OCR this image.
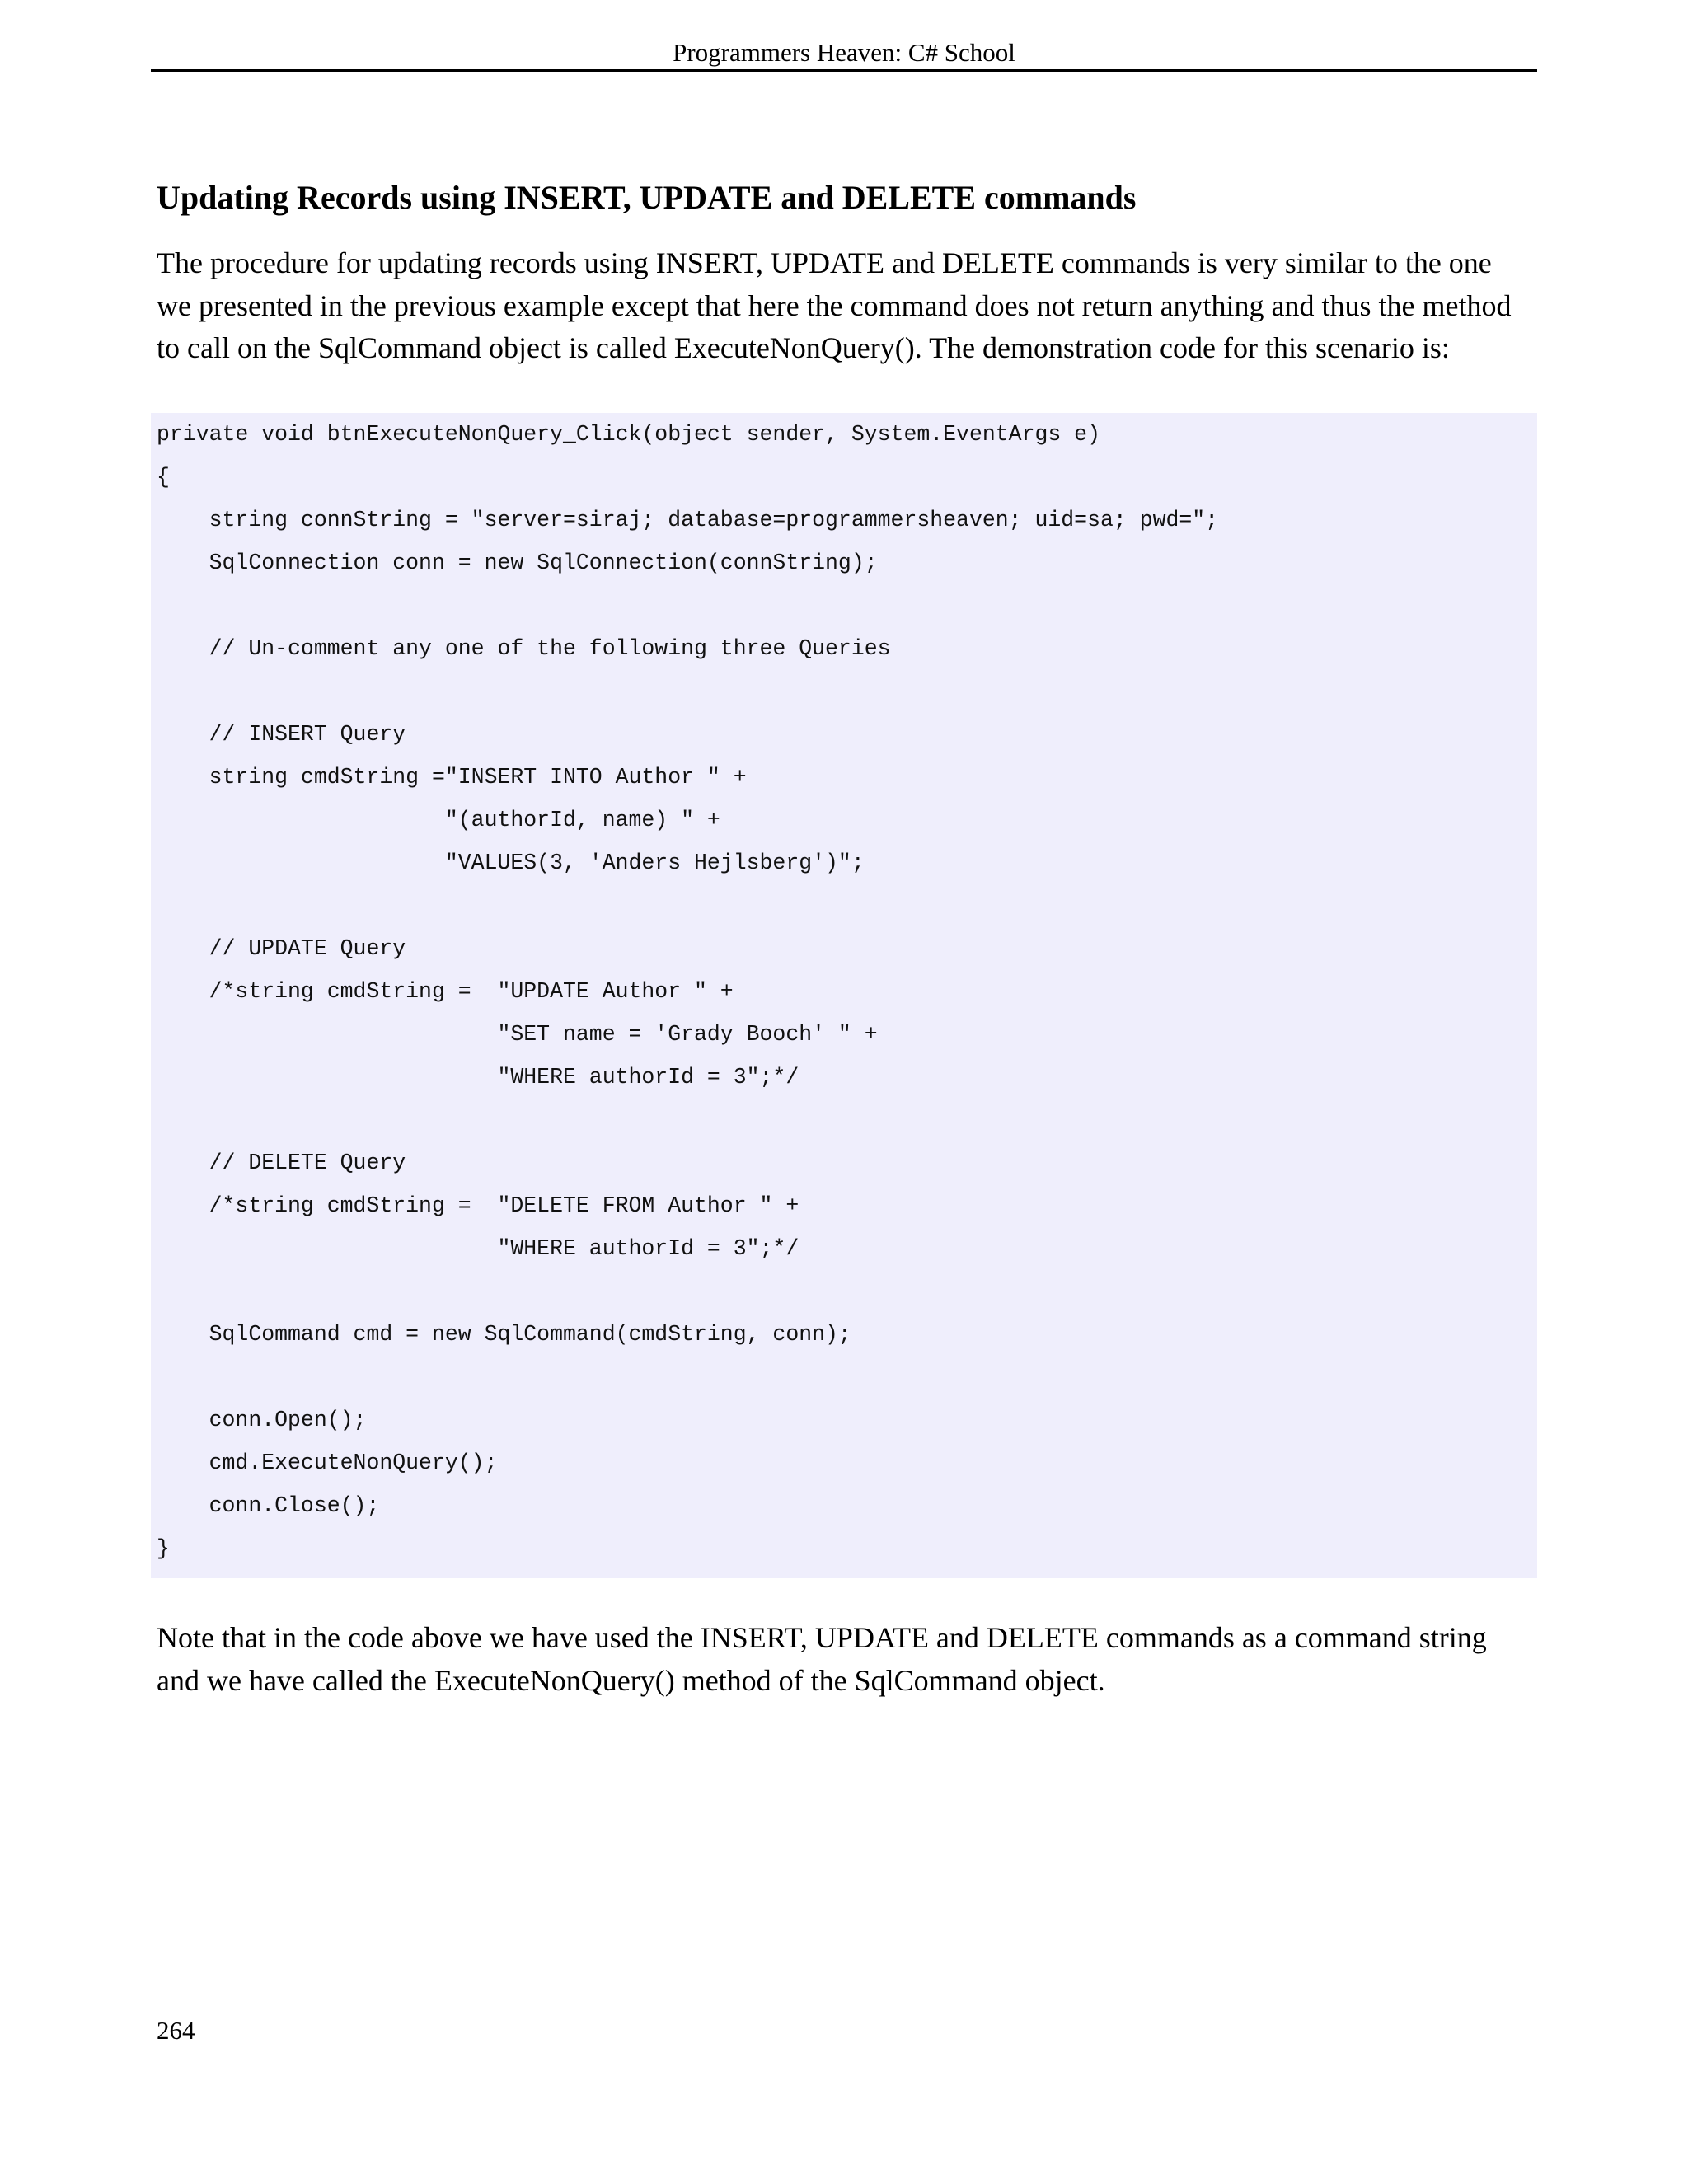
Programmers Heaven: C# School
Updating Records using INSERT, UPDATE and DELETE commands

The procedure for updating records using INSERT, UPDATE and DELETE commands is very similar to the one
we presented in the previous example except that here the command does not return anything and thus the method
to call on the SqlCommand object is called ExecuteNonQuery(). The demonstration code for this scenario is:

private void btnExecuteNonQuery_Click(object sender, System.EventArgs e)
{
string connString = "server=siraj; database=programmersheaven; uid=sa; pwd=";
SqlConnection conn = new SqlConnection(connString);
// Un-comment any one of the following three Queries
// INSERT Query
string cmdString ="INSERT INTO Author " +
"(authorId, name) " +
"VALUES(3, 'Anders Hejlsberg')";
// UPDATE Query
/*string cmdString =  "UPDATE Author " +
"SET name = 'Grady Booch' " +
"WHERE authorId = 3";*/
// DELETE Query
/*string cmdString =  "DELETE FROM Author " +
"WHERE authorId = 3";*/
SqlCommand cmd = new SqlCommand(cmdString, conn);
conn.Open();
cmd.ExecuteNonQuery();
conn.Close();
}

Note that in the code above we have used the INSERT, UPDATE and DELETE commands as a command string
and we have called the ExecuteNonQuery() method of the SqlCommand object.

264
